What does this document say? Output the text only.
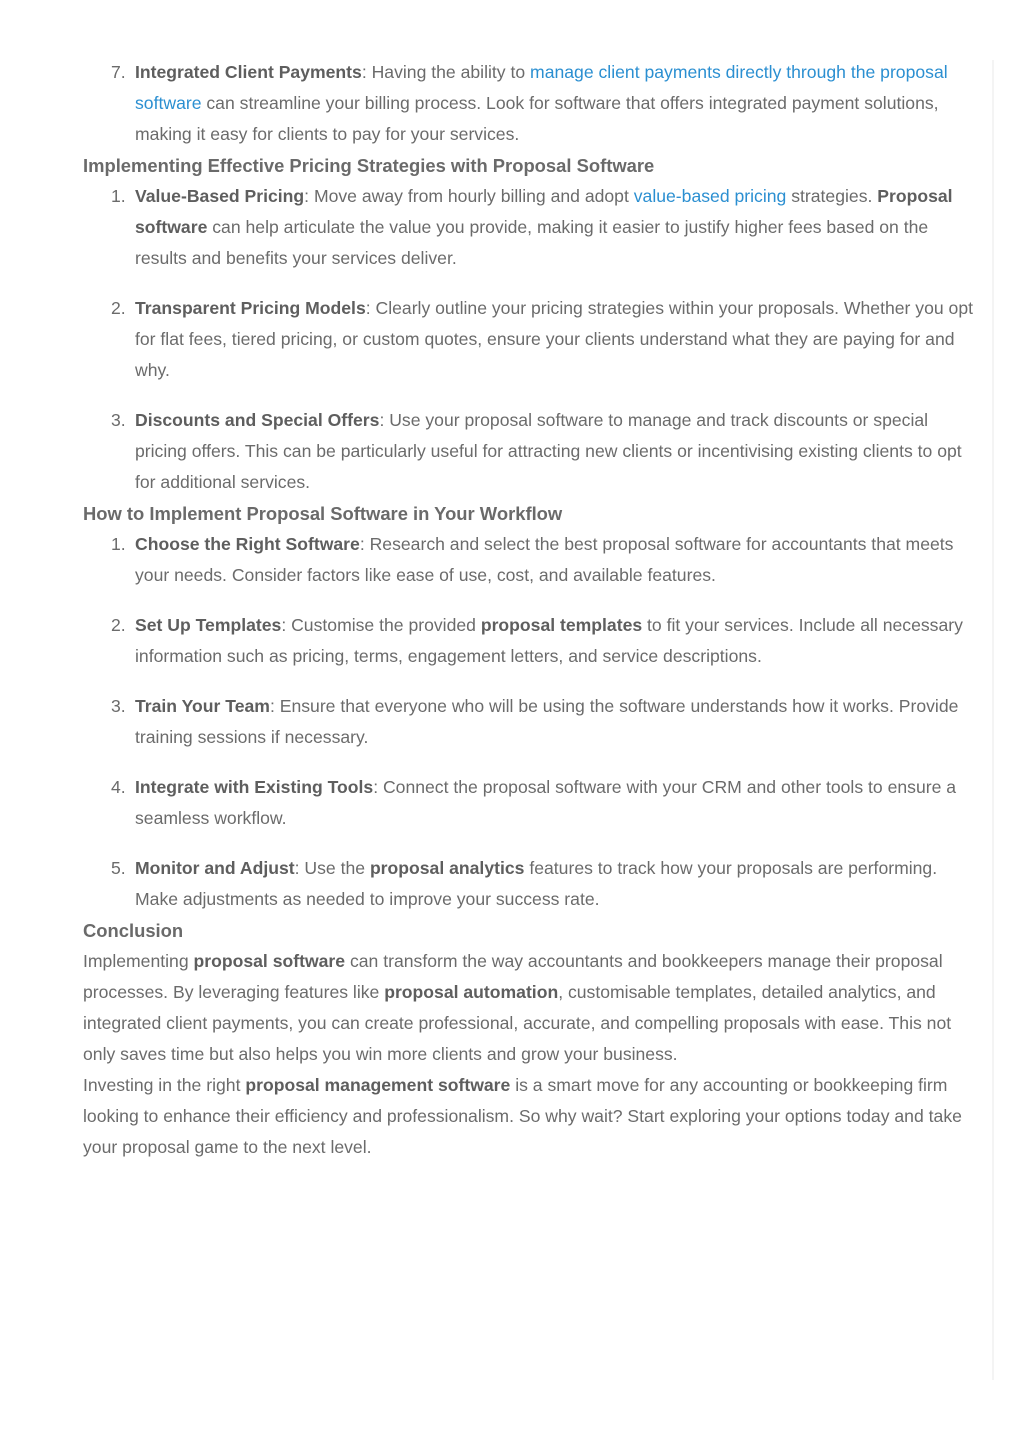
7. Integrated Client Payments: Having the ability to manage client payments directly through the proposal software can streamline your billing process. Look for software that offers integrated payment solutions, making it easy for clients to pay for your services.
Implementing Effective Pricing Strategies with Proposal Software
1. Value-Based Pricing: Move away from hourly billing and adopt value-based pricing strategies. Proposal software can help articulate the value you provide, making it easier to justify higher fees based on the results and benefits your services deliver.
2. Transparent Pricing Models: Clearly outline your pricing strategies within your proposals. Whether you opt for flat fees, tiered pricing, or custom quotes, ensure your clients understand what they are paying for and why.
3. Discounts and Special Offers: Use your proposal software to manage and track discounts or special pricing offers. This can be particularly useful for attracting new clients or incentivising existing clients to opt for additional services.
How to Implement Proposal Software in Your Workflow
1. Choose the Right Software: Research and select the best proposal software for accountants that meets your needs. Consider factors like ease of use, cost, and available features.
2. Set Up Templates: Customise the provided proposal templates to fit your services. Include all necessary information such as pricing, terms, engagement letters, and service descriptions.
3. Train Your Team: Ensure that everyone who will be using the software understands how it works. Provide training sessions if necessary.
4. Integrate with Existing Tools: Connect the proposal software with your CRM and other tools to ensure a seamless workflow.
5. Monitor and Adjust: Use the proposal analytics features to track how your proposals are performing. Make adjustments as needed to improve your success rate.
Conclusion

Implementing proposal software can transform the way accountants and bookkeepers manage their proposal processes. By leveraging features like proposal automation, customisable templates, detailed analytics, and integrated client payments, you can create professional, accurate, and compelling proposals with ease. This not only saves time but also helps you win more clients and grow your business.

Investing in the right proposal management software is a smart move for any accounting or bookkeeping firm looking to enhance their efficiency and professionalism. So why wait? Start exploring your options today and take your proposal game to the next level.
